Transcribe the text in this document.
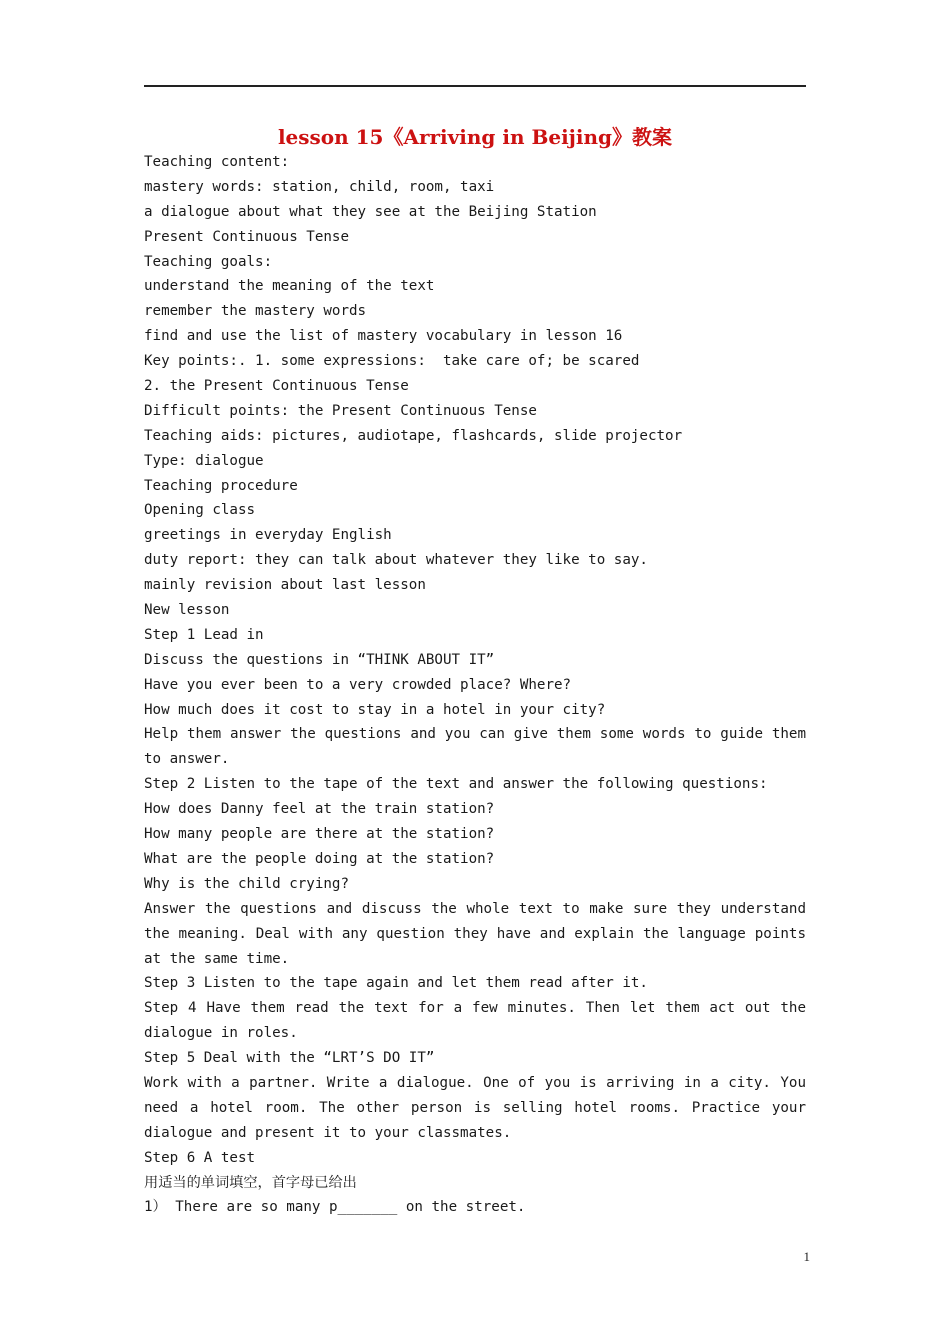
lesson 15《Arriving in Beijing》教案
Teaching content:
mastery words: station, child, room, taxi
a dialogue about what they see at the Beijing Station
Present Continuous Tense
Teaching goals:
understand the meaning of the text
remember the mastery words
find and use the list of mastery vocabulary in lesson 16
Key points:. 1. some expressions:  take care of; be scared
2. the Present Continuous Tense
Difficult points: the Present Continuous Tense
Teaching aids: pictures, audiotape, flashcards, slide projector
Type: dialogue
Teaching procedure
Opening class
greetings in everyday English
duty report: they can talk about whatever they like to say.
mainly revision about last lesson
New lesson
Step 1 Lead in
Discuss the questions in “THINK ABOUT IT”
Have you ever been to a very crowded place? Where?
How much does it cost to stay in a hotel in your city?
Help them answer the questions and you can give them some words to guide them
to answer.
Step 2 Listen to the tape of the text and answer the following questions:
How does Danny feel at the train station?
How many people are there at the station?
What are the people doing at the station?
Why is the child crying?
Answer the questions and discuss the whole text to make sure they understand
the meaning. Deal with any question they have and explain the language points
at the same time.
Step 3 Listen to the tape again and let them read after it.
Step 4 Have them read the text for a few minutes. Then let them act out the
dialogue in roles.
Step 5 Deal with the “LRT’S DO IT”
Work with a partner. Write a dialogue. One of you is arriving in a city. You
need a hotel room. The other person is selling hotel rooms. Practice your
dialogue and present it to your classmates.
Step 6 A test
用适当的单词填空，首字母已给出
1） There are so many p_______ on the street.
1
